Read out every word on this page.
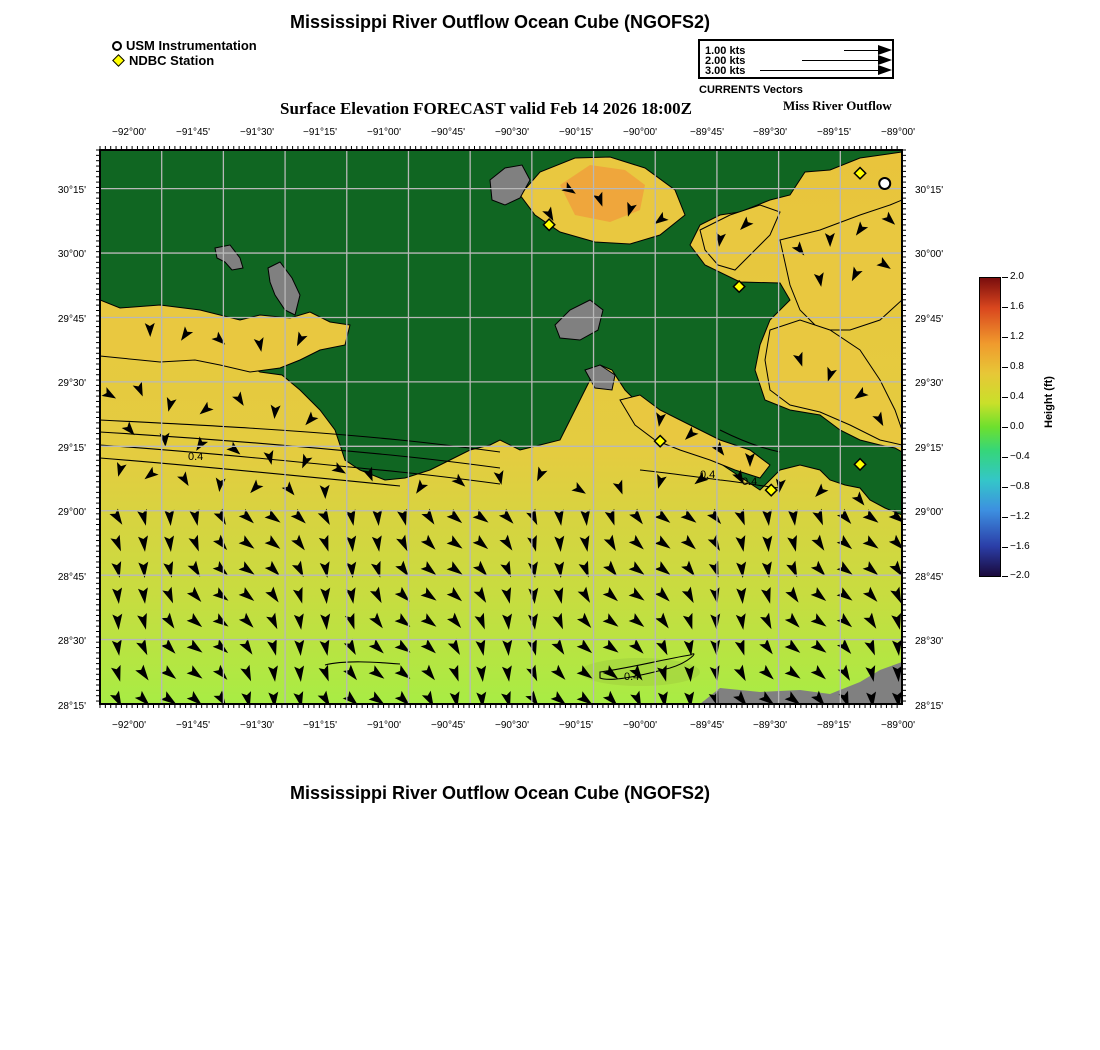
Mississippi River Outflow Ocean Cube (NGOFS2)
USM Instrumentation
NDBC Station
1.00 kts
2.00 kts
3.00 kts
CURRENTS Vectors
Surface Elevation FORECAST valid Feb 14 2026 18:00Z	Miss River Outflow
0.4
0.4
0.4
0.4
−92°00'	−91°45'	−91°30'	−91°15'	−91°00'	−90°45'	−90°30'	−90°15'	−90°00'	−89°45'	−89°30'	−89°15'	−89°00'
−92°00'	−91°45'	−91°30'	−91°15'	−91°00'	−90°45'	−90°30'	−90°15'	−90°00'	−89°45'	−89°30'	−89°15'	−89°00'
30°15'
30°00'
29°45'
29°30'
29°15'
29°00'
28°45'
28°30'
28°15'
30°15'
30°00'
29°45'
29°30'
29°15'
29°00'
28°45'
28°30'
28°15'
2.0
1.6
1.2
0.8
0.4
0.0
−0.4
−0.8
−1.2
−1.6
−2.0
Height (ft)
Mississippi River Outflow Ocean Cube (NGOFS2)
